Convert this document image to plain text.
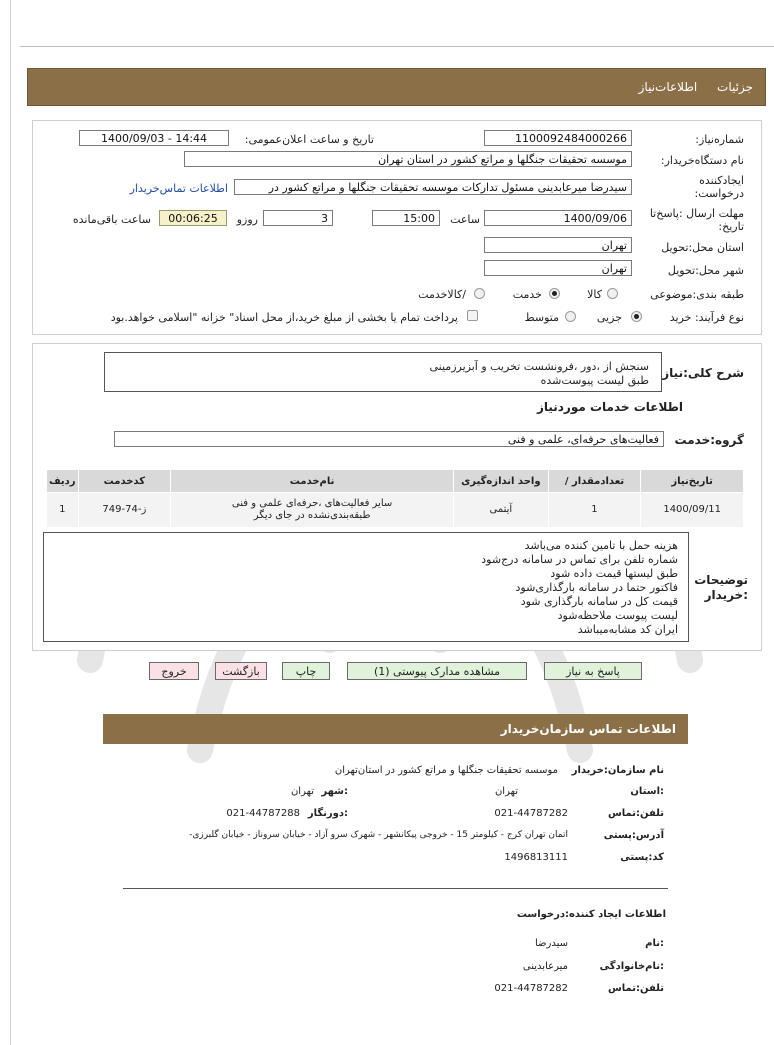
جزئیات اطلاعات‌نیاز
شماره‌نیاز:
1100092484000266
تاریخ و ساعت اعلان‌عمومی:
1400/09/03 - 14:44
نام دستگاه‌خریدار:
موسسه تحقیقات جنگلها و مراتع کشور در استان تهران
ایجادکننده
درخواست:
سیدرضا میرعابدینی مسئول تدارکات موسسه تحقیقات جنگلها و مراتع کشور در
اطلاعات تماس‌خریدار
مهلت ارسال :پاسخ‌تا
تاریخ:
1400/09/06
ساعت
15:00
روزو	3
00:06:25
ساعت باقی‌مانده
استان محل:تحویل
تهران
شهر محل:تحویل
تهران
طبقه بندی:موضوعی
کالا
خدمت
/کالاخدمت
نوع فرآیند: خرید
جزیی
متوسط
پرداخت تمام یا بخشی از مبلغ خرید،از محل اسناد" خزانه "اسلامی خواهد.بود
شرح کلی:نیاز
سنجش از ،دور ،فرونشست تخریب و آبزیرزمینی
طبق لیست پیوست‌شده
اطلاعات خدمات موردنیاز
گروه:خدمت
فعالیت‌های حرفه‌ای، علمی و فنی
ردیف	کدخدمت	نام‌خدمت	واحد اندازه‌گیری	/ تعدادمقدار	تاریخ‌نیاز
1	ز-74-749	سایر فعالیت‌های ،حرفه‌ای علمی و فنی
طبقه‌بندی‌نشده در جای دیگر	آیتمی	1	1400/09/11
توضیحات
:خریدار
هزینه حمل با تامین کننده می‌باشد
شماره تلفن برای تماس در سامانه درج‌شود
طبق لیستها قیمت داده شود
فاکتور حتما در سامانه بارگذاری‌شود
قیمت کل در سامانه بارگذاری شود
لیست پیوست ملاحظه‌شود
ایران کد مشابه‌میباشد
پاسخ به نیاز
مشاهده مدارک پیوستی (1)
چاپ
بازگشت
خروج
اطلاعات تماس سازمان‌خریدار
نام سازمان:خریدار
موسسه تحقیقات جنگلها و مراتع کشور در استان‌تهران
:استان
تهران
:شهر
تهران
تلفن:تماس
021-44787282
:دورنگار
021-44787288
آدرس:پستی
اتمان تهران کرج - کیلومتر 15 - خروجی پیکانشهر - شهرک سرو آزاد - خیابان سروناز - خیابان گلبرزی-
کد:پستی
1496813111
اطلاعات ایجاد کننده:درخواست
:نام
سیدرضا
:نام‌خانوادگی
میرعابدینی
تلفن:تماس
021-44787282
